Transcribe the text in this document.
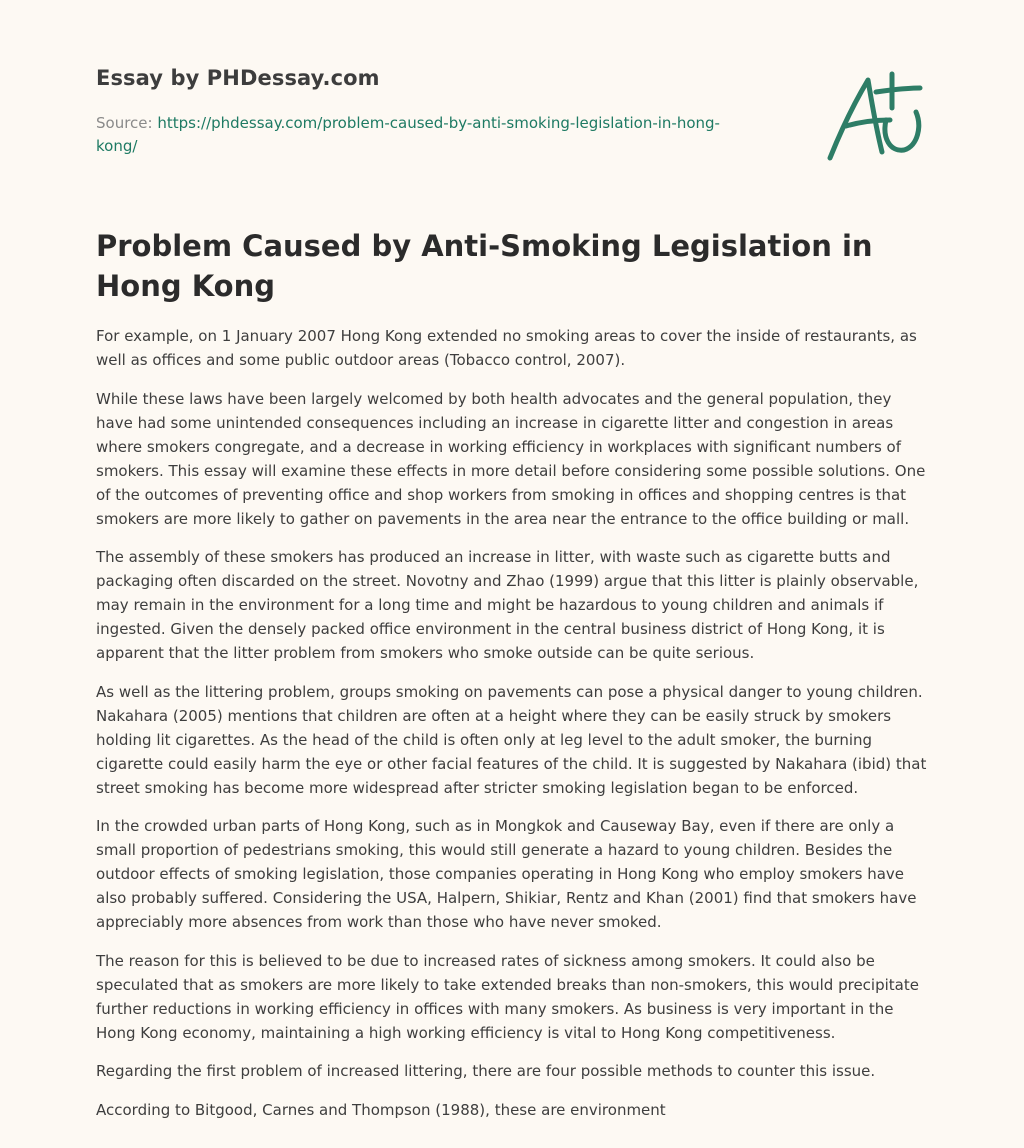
Essay by PHDessay.com
Source: https://phdessay.com/problem-caused-by-anti-smoking-legislation-in-hong-kong/
Problem Caused by Anti-Smoking Legislation in Hong Kong

For example, on 1 January 2007 Hong Kong extended no smoking areas to cover the inside of restaurants, as well as offices and some public outdoor areas (Tobacco control, 2007).

While these laws have been largely welcomed by both health advocates and the general population, they have had some unintended consequences including an increase in cigarette litter and congestion in areas where smokers congregate, and a decrease in working efficiency in workplaces with significant numbers of smokers. This essay will examine these effects in more detail before considering some possible solutions. One of the outcomes of preventing office and shop workers from smoking in offices and shopping centres is that smokers are more likely to gather on pavements in the area near the entrance to the office building or mall.

The assembly of these smokers has produced an increase in litter, with waste such as cigarette butts and packaging often discarded on the street. Novotny and Zhao (1999) argue that this litter is plainly observable, may remain in the environment for a long time and might be hazardous to young children and animals if ingested. Given the densely packed office environment in the central business district of Hong Kong, it is apparent that the litter problem from smokers who smoke outside can be quite serious.

As well as the littering problem, groups smoking on pavements can pose a physical danger to young children. Nakahara (2005) mentions that children are often at a height where they can be easily struck by smokers holding lit cigarettes. As the head of the child is often only at leg level to the adult smoker, the burning cigarette could easily harm the eye or other facial features of the child. It is suggested by Nakahara (ibid) that street smoking has become more widespread after stricter smoking legislation began to be enforced.

In the crowded urban parts of Hong Kong, such as in Mongkok and Causeway Bay, even if there are only a small proportion of pedestrians smoking, this would still generate a hazard to young children. Besides the outdoor effects of smoking legislation, those companies operating in Hong Kong who employ smokers have also probably suffered. Considering the USA, Halpern, Shikiar, Rentz and Khan (2001) find that smokers have appreciably more absences from work than those who have never smoked.

The reason for this is believed to be due to increased rates of sickness among smokers. It could also be speculated that as smokers are more likely to take extended breaks than non-smokers, this would precipitate further reductions in working efficiency in offices with many smokers. As business is very important in the Hong Kong economy, maintaining a high working efficiency is vital to Hong Kong competitiveness.

Regarding the first problem of increased littering, there are four possible methods to counter this issue.

According to Bitgood, Carnes and Thompson (1988), these are environment
